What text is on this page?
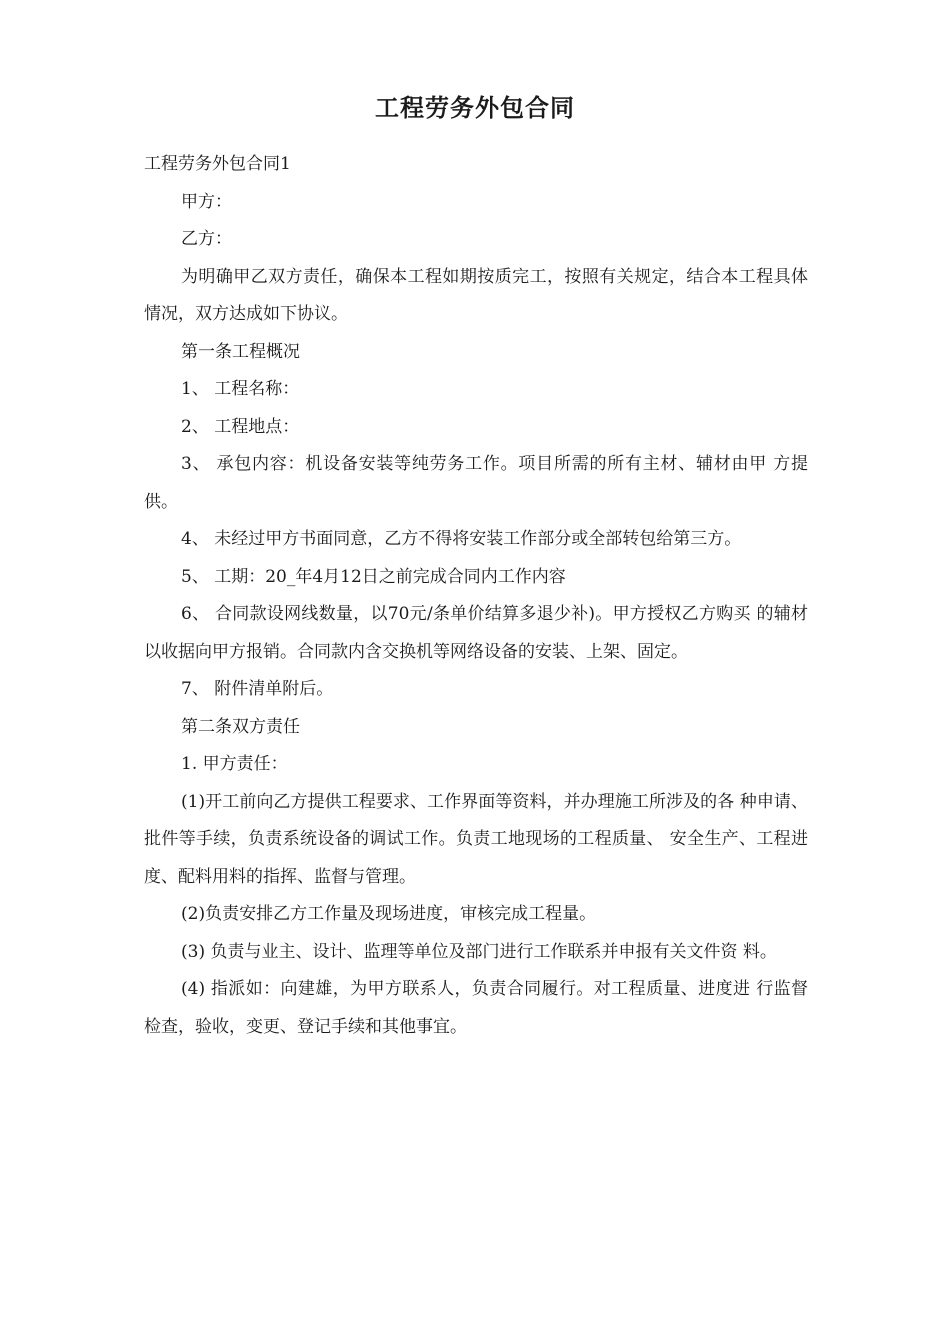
工程劳务外包合同

工程劳务外包合同1

甲方：

乙方：

为明确甲乙双方责任，确保本工程如期按质完工，按照有关规定，结合本工程具体情况，双方达成如下协议。

第一条工程概况

1、 工程名称：

2、 工程地点：

3、 承包内容：机设备安装等纯劳务工作。项目所需的所有主材、辅材由甲 方提供。

4、 未经过甲方书面同意，乙方不得将安装工作部分或全部转包给第三方。

5、 工期：20_年4月12日之前完成合同内工作内容

6、 合同款设网线数量，以70元/条单价结算多退少补)。甲方授权乙方购买 的辅材以收据向甲方报销。合同款内含交换机等网络设备的安装、上架、固定。

7、 附件清单附后。

第二条双方责任

1. 甲方责任：

(1)开工前向乙方提供工程要求、工作界面等资料，并办理施工所涉及的各 种申请、批件等手续，负责系统设备的调试工作。负责工地现场的工程质量、 安全生产、工程进度、配料用料的指挥、监督与管理。

(2)负责安排乙方工作量及现场进度，审核完成工程量。

(3) 负责与业主、设计、监理等单位及部门进行工作联系并申报有关文件资 料。

(4) 指派如：向建雄，为甲方联系人，负责合同履行。对工程质量、进度进 行监督检查，验收，变更、登记手续和其他事宜。
